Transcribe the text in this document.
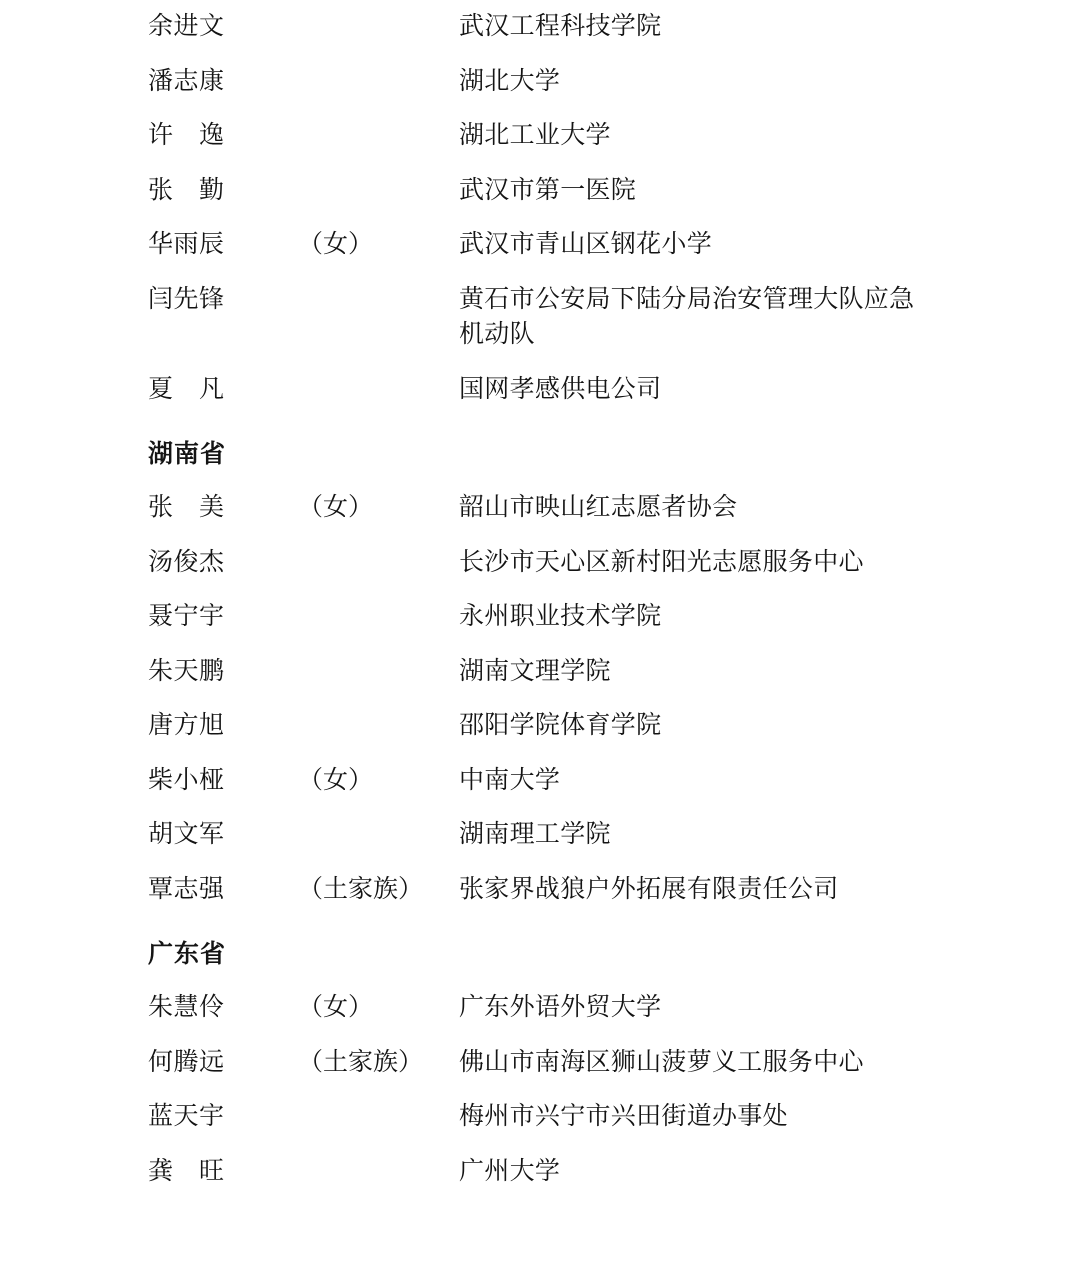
余进文	武汉工程科技学院
潘志康	湖北大学
许　逸	湖北工业大学
张　勤	武汉市第一医院
华雨辰	（女）	武汉市青山区钢花小学
闫先锋	黄石市公安局下陆分局治安管理大队应急机动队
夏　凡	国网孝感供电公司
湖南省
张　美	（女）	韶山市映山红志愿者协会
汤俊杰	长沙市天心区新村阳光志愿服务中心
聂宁宇	永州职业技术学院
朱天鹏	湖南文理学院
唐方旭	邵阳学院体育学院
柴小桠	（女）	中南大学
胡文军	湖南理工学院
覃志强	（土家族）	张家界战狼户外拓展有限责任公司
广东省
朱慧伶	（女）	广东外语外贸大学
何腾远	（土家族）	佛山市南海区狮山菠萝义工服务中心
蓝天宇	梅州市兴宁市兴田街道办事处
龚　旺	广州大学
